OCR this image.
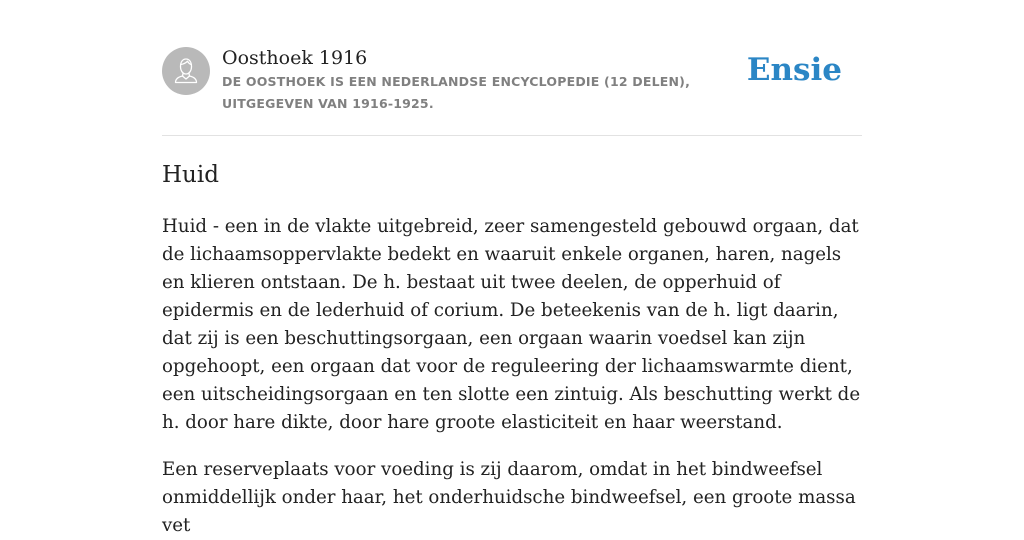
Oosthoek 1916

DE OOSTHOEK IS EEN NEDERLANDSE ENCYCLOPEDIE (12 DELEN), UITGEGEVEN VAN 1916-1925.

Ensie
Huid

Huid - een in de vlakte uitgebreid, zeer samengesteld gebouwd orgaan, dat de lichaamsoppervlakte bedekt en waaruit enkele organen, haren, nagels en klieren ontstaan. De h. bestaat uit twee deelen, de opperhuid of epidermis en de lederhuid of corium. De beteekenis van de h. ligt daarin, dat zij is een beschuttingsorgaan, een orgaan waarin voedsel kan zijn opgehoopt, een orgaan dat voor de reguleering der lichaamswarmte dient, een uitscheidingsorgaan en ten slotte een zintuig. Als beschutting werkt de h. door hare dikte, door hare groote elasticiteit en haar weerstand.

Een reserveplaats voor voeding is zij daarom, omdat in het bindweefsel onmiddellijk onder haar, het onderhuidsche bindweefsel, een groote massa vet
